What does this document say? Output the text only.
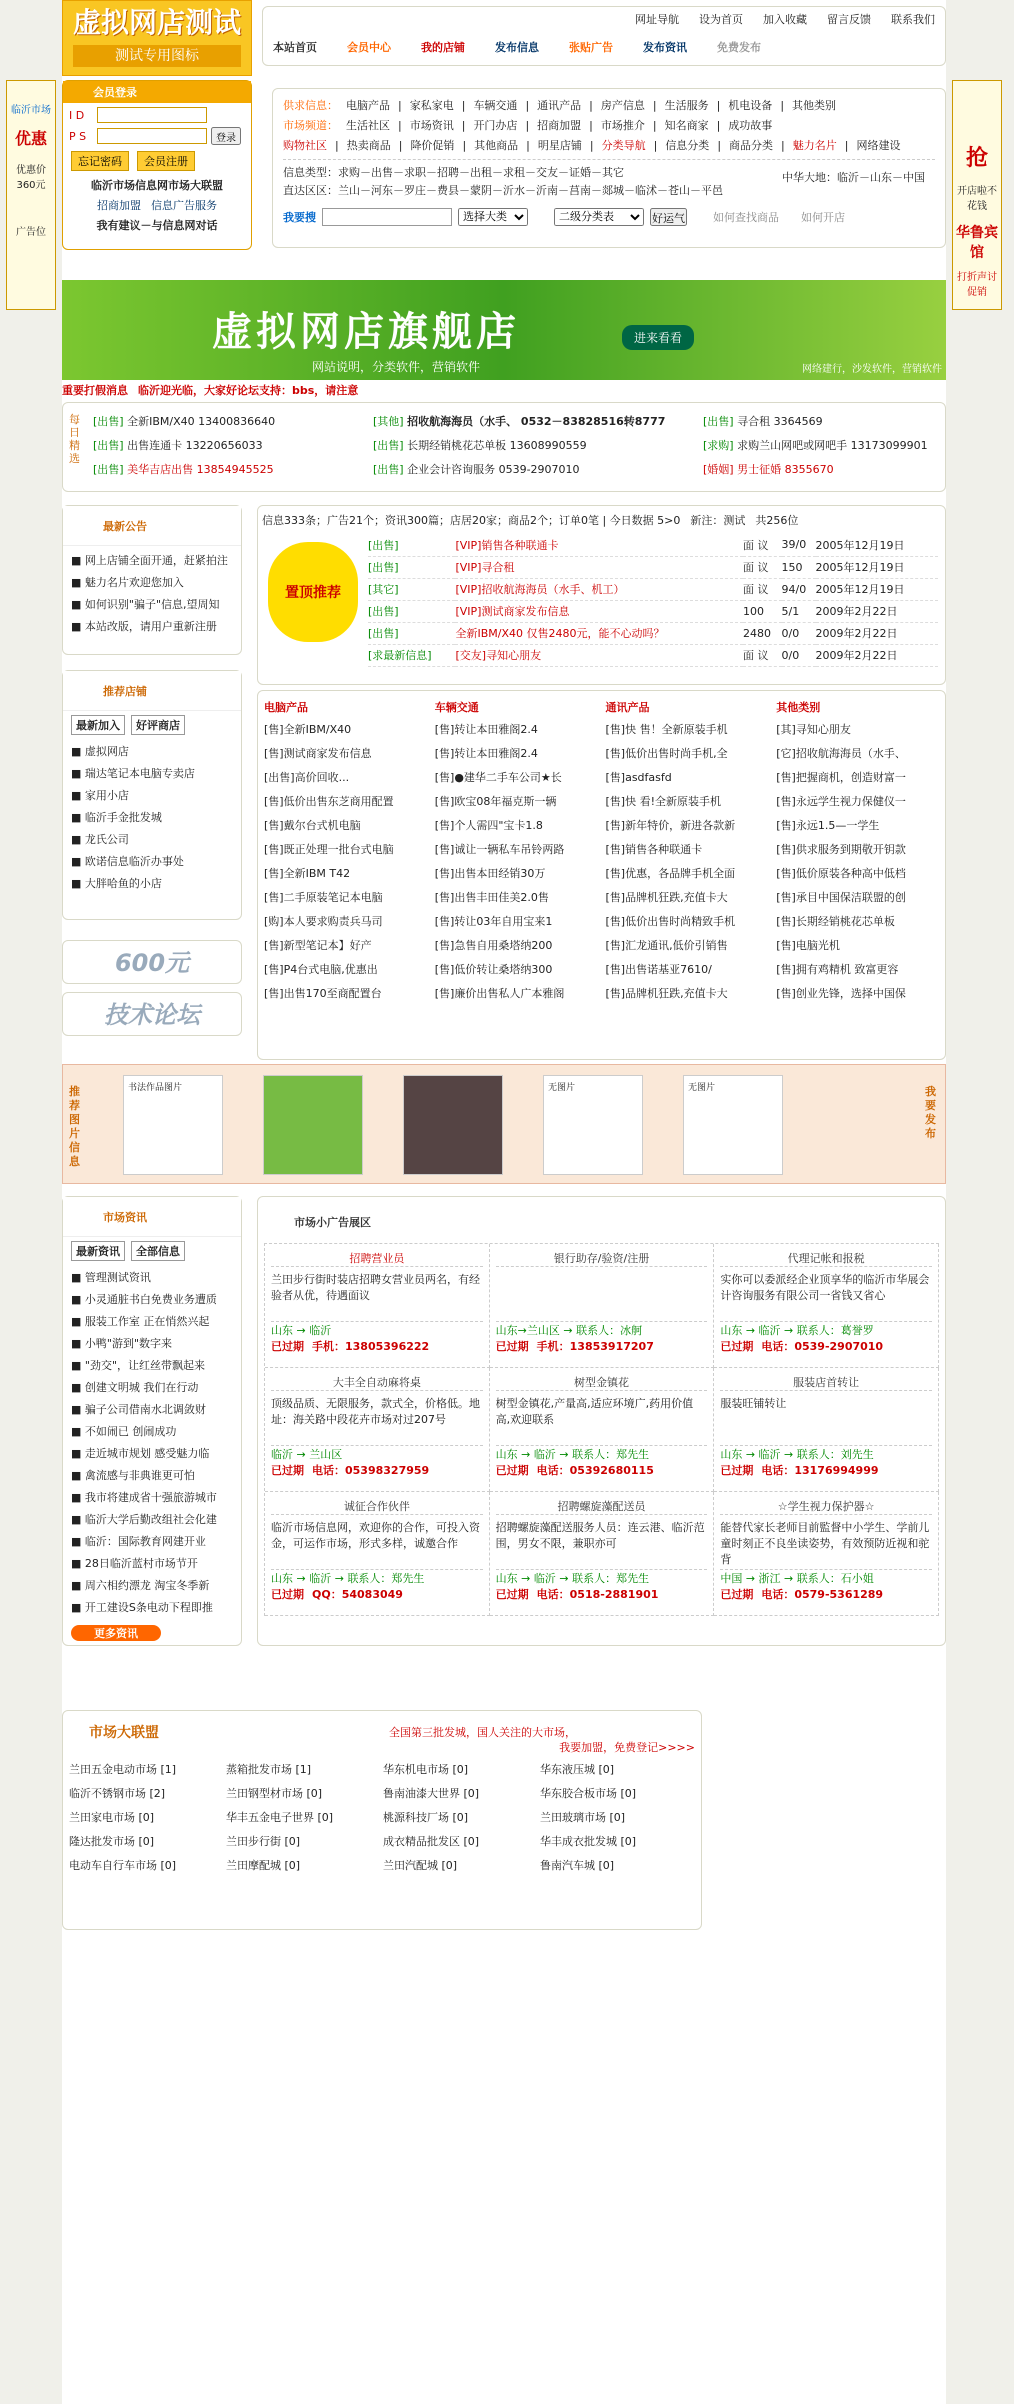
虚拟网店测试
测试专用图标
网址导航 设为首页 加入收藏 留言反馈 联系我们
本站首页	会员中心	我的店铺	发布信息	张贴广告	发布资讯	免费发布
会员登录
I D
P S	登录
忘记密码	会员注册
临沂市场信息网市场大联盟
招商加盟 信息广告服务
我有建议－与信息网对话
供求信息： 电脑产品 | 家私家电 | 车辆交通 | 通讯产品 | 房产信息 | 生活服务 | 机电设备 | 其他类别
市场频道： 生活社区 | 市场资讯 | 开门办店 | 招商加盟 | 市场推介 | 知名商家 | 成功故事
购物社区 | 热卖商品 | 降价促销 | 其他商品 | 明星店铺 | 分类导航 | 信息分类 | 商品分类 | 魅力名片 | 网络建设
信息类型：求购－出售－求职－招聘－出租－求租－交友－证婚－其它	中华大地：临沂－山东－中国
直达区区：兰山－河东－罗庄－费县－蒙阴－沂水－沂南－莒南－郯城－临沭－苍山－平邑
我要搜
选择大类
二级分类表	好运气	如何查找商品 如何开店
虚拟网店旗舰店
网站说明，分类软件，营销软件
进来看看
网络建行，沙发软件，营销软件
重要打假消息 临沂迎光临，大家好论坛支持：bbs，请注意
临沂市场
优惠
优惠价360元
广告位
抢
开店啦不花钱
华鲁宾馆
打折声讨促销
每日精选
[出售] 全新IBM/X40 13400836640	[其他] 招收航海海员（水手、 0532－83828516转8777	[出售] 寻合租 3364569
[出售] 出售连通卡 13220656033	[出售] 长期经销桃花芯单板 13608990559	[求购] 求购兰山网吧或网吧手 13173099901
[出售] 美华吉店出售 13854945525	[出售] 企业会计咨询服务 0539-2907010	[婚姻] 男士征婚 8355670
最新公告
■ 网上店铺全面开通，赶紧拍注
■ 魅力名片欢迎您加入
■ 如何识别"骗子"信息,望周知
■ 本站改版，请用户重新注册
推荐店铺
最新加入	好评商店
■ 虚拟网店
■ 瑞达笔记本电脑专卖店
■ 家用小店
■ 临沂手金批发城
■ 龙氏公司
■ 欧诺信息临沂办事处
■ 大胖哈鱼的小店
600元
技术论坛
信息333条；广告21个；资讯300篇；店居20家；商品2个；订单0笔 | 今日数据 5>0 新注：测试 共256位
置顶推荐
[出售]	[VIP]销售各种联通卡	面 议	39/0	2005年12月19日
[出售]	[VIP]寻合租	面 议	150	2005年12月19日
[其它]	[VIP]招收航海海员（水手、机工）	面 议	94/0	2005年12月19日
[出售]	[VIP]测试商家发布信息	100	5/1	2009年2月22日
[出售]	全新IBM/X40 仅售2480元，能不心动吗？	2480	0/0	2009年2月22日
[求最新信息]	[交友]寻知心朋友	面 议	0/0	2009年2月22日
电脑产品	车辆交通	通讯产品	其他类别
[售]全新IBM/X40	[售]转让本田雅阁2.4	[售]快 售！全新原装手机	[其]寻知心朋友
[售]测试商家发布信息	[售]转让本田雅阁2.4	[售]低价出售时尚手机,全	[它]招收航海海员（水手、
[出售]高价回收...	[售]●建华二手车公司★长	[售]asdfasfd	[售]把握商机，创造财富一
[售]低价出售东芝商用配置	[售]欧宝08年福克斯一辆	[售]快 看!全新原装手机	[售]永远学生视力保健仪一
[售]戴尔台式机电脑	[售]个人需四"宝卡1.8	[售]新年特价，新进各款新	[售]永远1.5—一学生
[售]既正处理一批台式电脑	[售]诚让一辆私车吊铃两路	[售]销售各种联通卡	[售]供求服务到期敬开钥款
[售]全新IBM T42	[售]出售本田经销30万	[售]优惠，各品牌手机全面	[售]低价原装各种高中低档
[售]二手原装笔记本电脑	[售]出售丰田佳美2.0售	[售]品牌机狂跌,充值卡大	[售]承目中国保洁联盟的创
[购]本人要求购责兵马司	[售]转让03年自用宝来1	[售]低价出售时尚精致手机	[售]长期经销桃花芯单板
[售]新型笔记本】好产	[售]急售自用桑塔纳200	[售]汇龙通讯,低价引销售	[售]电脑光机
[售]P4台式电脑,优惠出	[售]低价转让桑塔纳300	[售]出售诺基亚7610/	[售]拥有鸡精机 致富更容
[售]出售170至商配置台	[售]廉价出售私人广本雅阁	[售]品牌机狂跌,充值卡大	[售]创业先锋，选择中国保
推荐图片信息
我要发布
书法作品图片	无图片	无图片
市场资讯
最新资讯	全部信息
■ 管理测试资讯
■ 小灵通脏书白免费业务遭质
■ 服装工作室 正在悄然兴起
■ 小鸭"游到"数字来
■ "劲交"，让红丝带飘起来
■ 创建文明城 我们在行动
■ 骗子公司借南水北调敛财
■ 不如闹已 创闹成功
■ 走近城市规划 感受魅力临
■ 禽流感与非典谁更可怕
■ 我市将建成省十强旅游城市
■ 临沂大学后勤改组社会化建
■ 临沂：国际教育网建开业
■ 28日临沂蓝村市场节开
■ 周六相约漂龙 淘宝冬季新
■ 开工建设S条电动下程即推
更多资讯
市场小广告展区
招聘营业员
兰田步行街时装店招聘女营业员两名，有经验者从优，待遇面议
山东 → 临沂
已过期 手机：13805396222
银行助存/验资/注册
山东→兰山区 → 联系人：冰舸
已过期 手机：13853917207
代理记帐和报税
实你可以委派经企业顶享华的临沂市华展会计咨询服务有限公司一省钱又省心
山东 → 临沂 → 联系人：葛誉罗
已过期 电话：0539-2907010
大丰全自动麻将桌
顶级品质、无限服务，款式全，价格低。地址：海关路中段花卉市场对过207号
临沂 → 兰山区
已过期 电话：05398327959
树型金镇花
树型金镇花,产量高,适应环境广,药用价值高,欢迎联系
山东 → 临沂 → 联系人：郑先生
已过期 电话：05392680115
服装店首转让
服装旺铺转让
山东 → 临沂 → 联系人：刘先生
已过期 电话：13176994999
诚征合作伙伴
临沂市场信息网，欢迎你的合作，可投入资金，可运作市场，形式多样，诚邀合作
山东 → 临沂 → 联系人：郑先生
已过期 QQ：54083049
招聘螺旋藻配送员
招聘螺旋藻配送服务人员：连云港、临沂范围，男女不限，兼职亦可
山东 → 临沂 → 联系人：郑先生
已过期 电话：0518-2881901
☆学生视力保护器☆
能替代家长老师目前監督中小学生、学前儿童时刻正不良坐读姿势，有效预防近视和驼背
中国 → 浙江 → 联系人：石小姐
已过期 电话：0579-5361289
市场大联盟	全国第三批发城，国人关注的大市场，
我要加盟，免费登记>>>>
兰田五金电动市场 [1]	蒸箱批发市场 [1]	华东机电市场 [0]	华东液压城 [0]
临沂不锈钢市场 [2]	兰田钢型材市场 [0]	鲁南油漆大世界 [0]	华东胶合板市场 [0]
兰田家电市场 [0]	华丰五金电子世界 [0]	桃源科技厂场 [0]	兰田玻璃市场 [0]
隆达批发市场 [0]	兰田步行街 [0]	成衣精品批发区 [0]	华丰成衣批发城 [0]
电动车自行车市场 [0]	兰田摩配城 [0]	兰田汽配城 [0]	鲁南汽车城 [0]
